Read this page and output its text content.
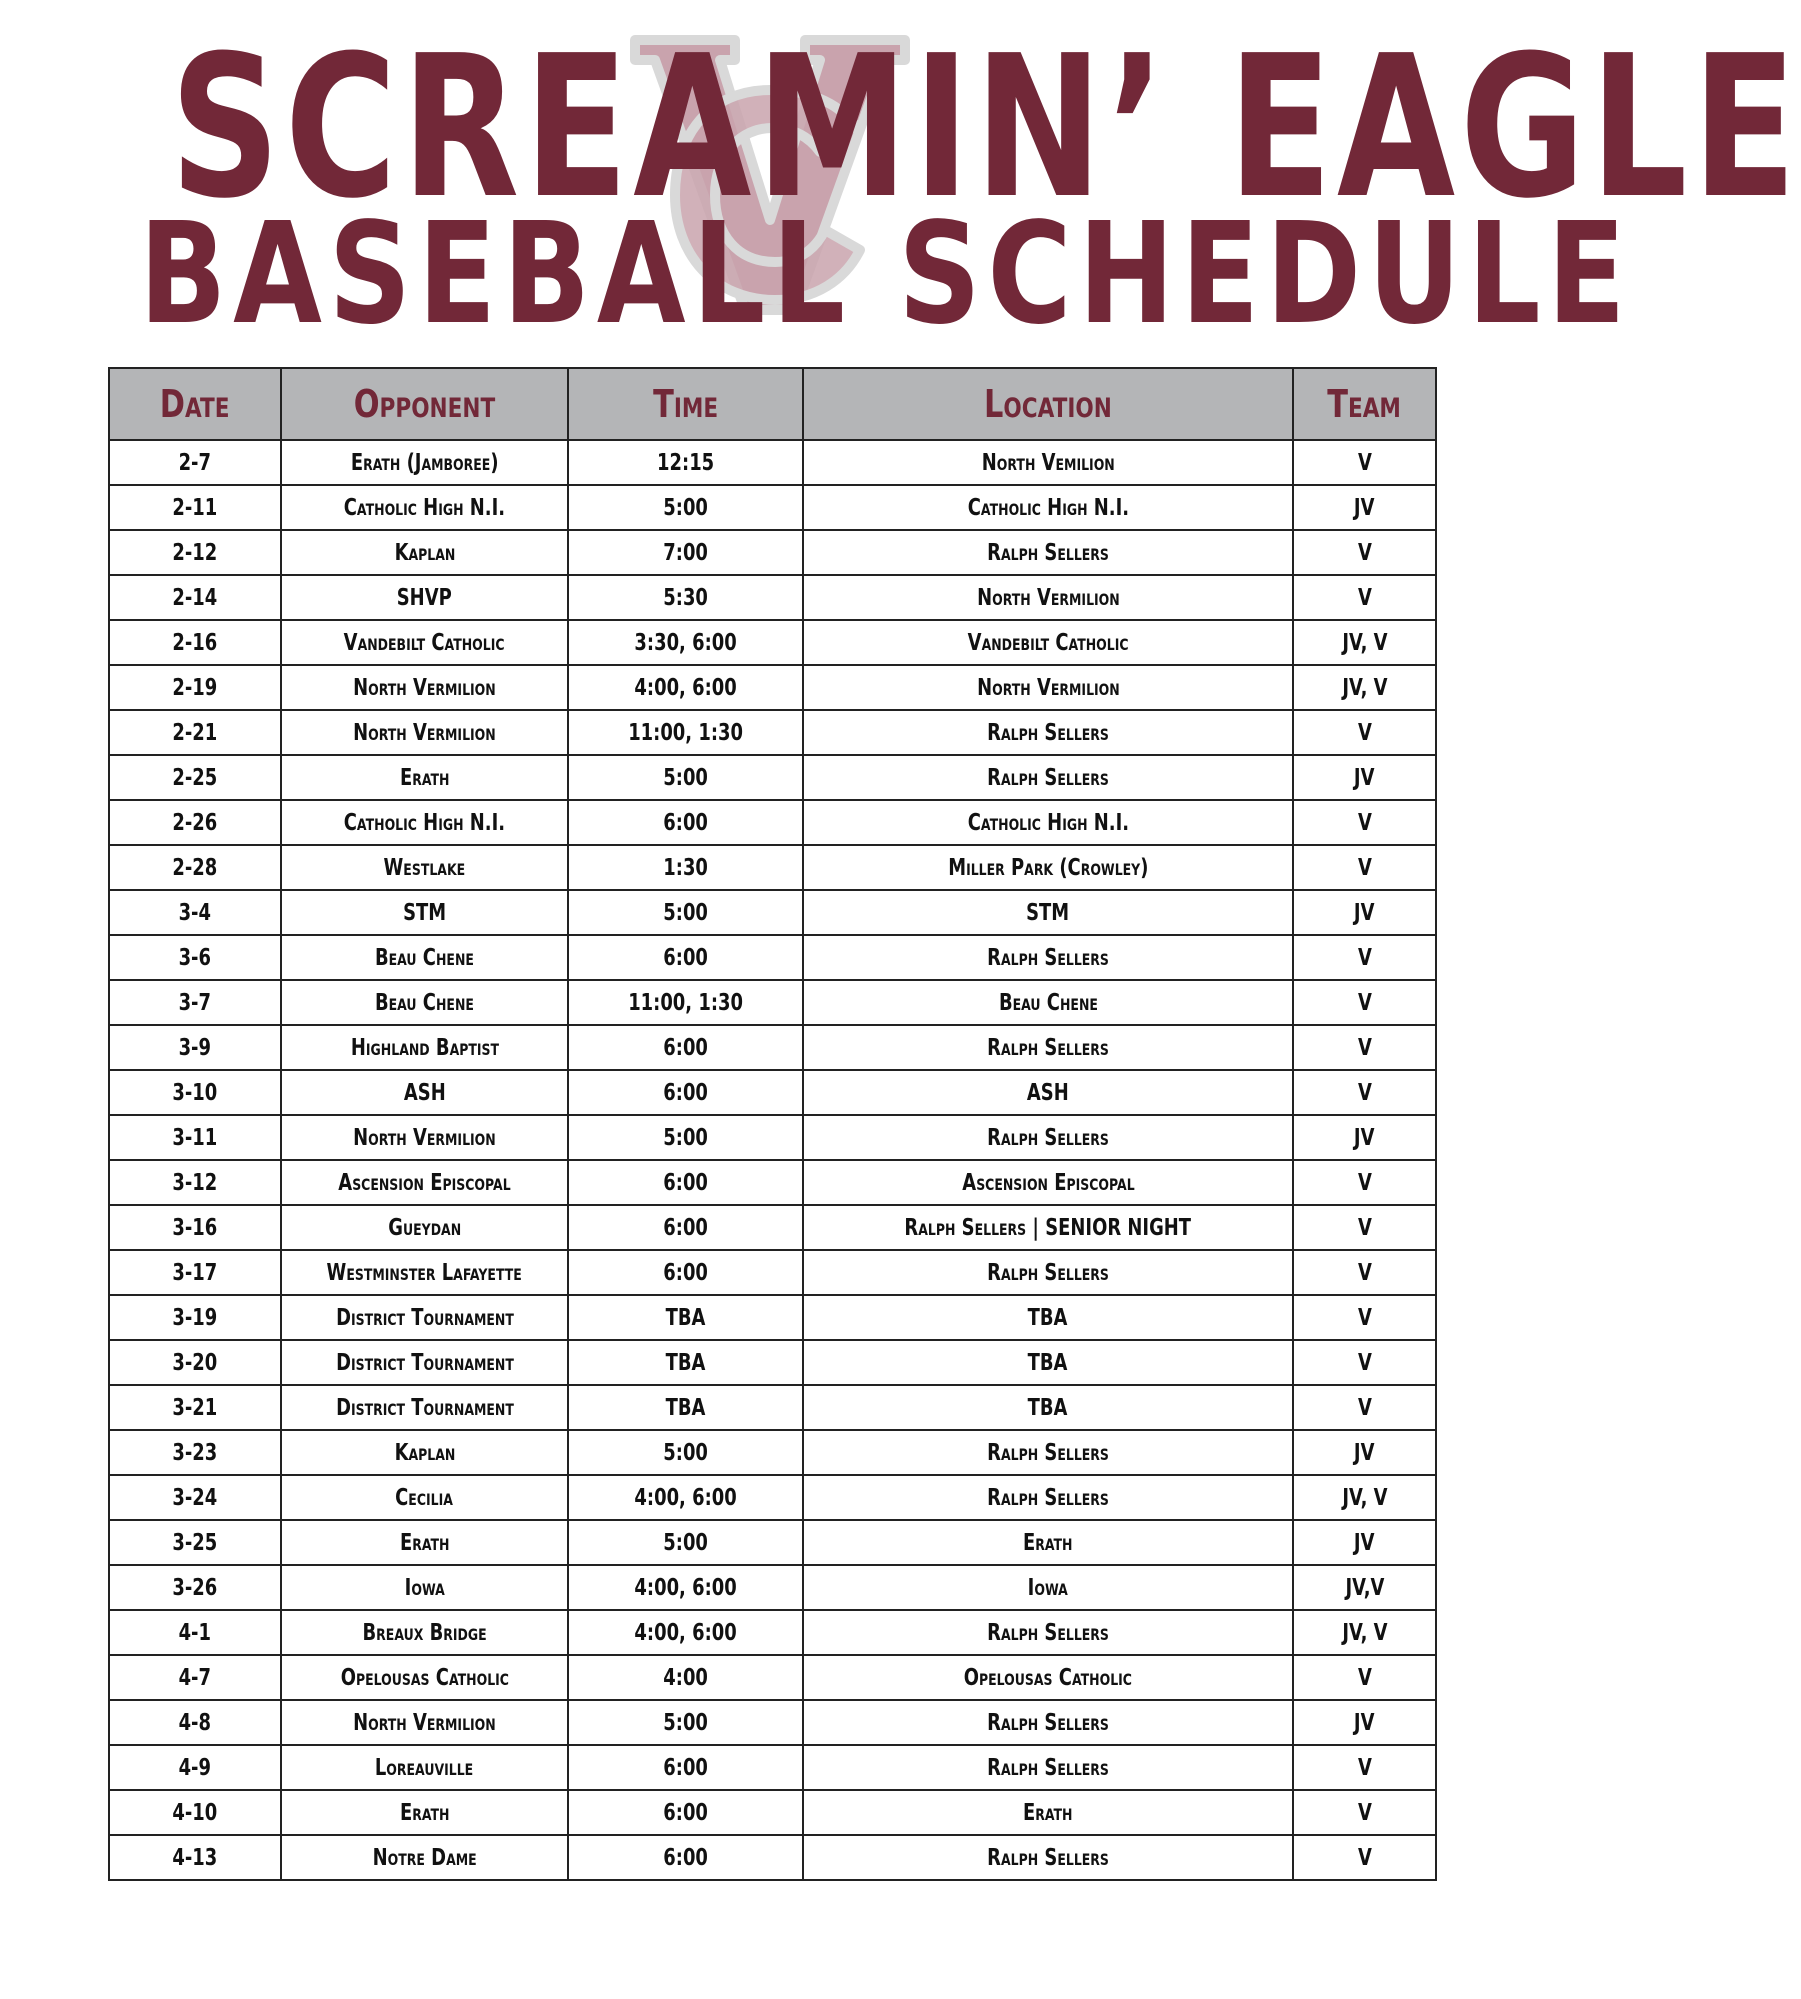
SCREAMIN’ EAGLE
BASEBALL SCHEDULE
Date	Opponent	Time	Location	Team
2-7	Erath (Jamboree)	12:15	North Vemilion	V
2-11	Catholic High N.I.	5:00	Catholic High N.I.	JV
2-12	Kaplan	7:00	Ralph Sellers	V
2-14	SHVP	5:30	North Vermilion	V
2-16	Vandebilt Catholic	3:30, 6:00	Vandebilt Catholic	JV, V
2-19	North Vermilion	4:00, 6:00	North Vermilion	JV, V
2-21	North Vermilion	11:00, 1:30	Ralph Sellers	V
2-25	Erath	5:00	Ralph Sellers	JV
2-26	Catholic High N.I.	6:00	Catholic High N.I.	V
2-28	Westlake	1:30	Miller Park (Crowley)	V
3-4	STM	5:00	STM	JV
3-6	Beau Chene	6:00	Ralph Sellers	V
3-7	Beau Chene	11:00, 1:30	Beau Chene	V
3-9	Highland Baptist	6:00	Ralph Sellers	V
3-10	ASH	6:00	ASH	V
3-11	North Vermilion	5:00	Ralph Sellers	JV
3-12	Ascension Episcopal	6:00	Ascension Episcopal	V
3-16	Gueydan	6:00	Ralph Sellers | SENIOR NIGHT	V
3-17	Westminster Lafayette	6:00	Ralph Sellers	V
3-19	District Tournament	TBA	TBA	V
3-20	District Tournament	TBA	TBA	V
3-21	District Tournament	TBA	TBA	V
3-23	Kaplan	5:00	Ralph Sellers	JV
3-24	Cecilia	4:00, 6:00	Ralph Sellers	JV, V
3-25	Erath	5:00	Erath	JV
3-26	Iowa	4:00, 6:00	Iowa	JV,V
4-1	Breaux Bridge	4:00, 6:00	Ralph Sellers	JV, V
4-7	Opelousas Catholic	4:00	Opelousas Catholic	V
4-8	North Vermilion	5:00	Ralph Sellers	JV
4-9	Loreauville	6:00	Ralph Sellers	V
4-10	Erath	6:00	Erath	V
4-13	Notre Dame	6:00	Ralph Sellers	V
